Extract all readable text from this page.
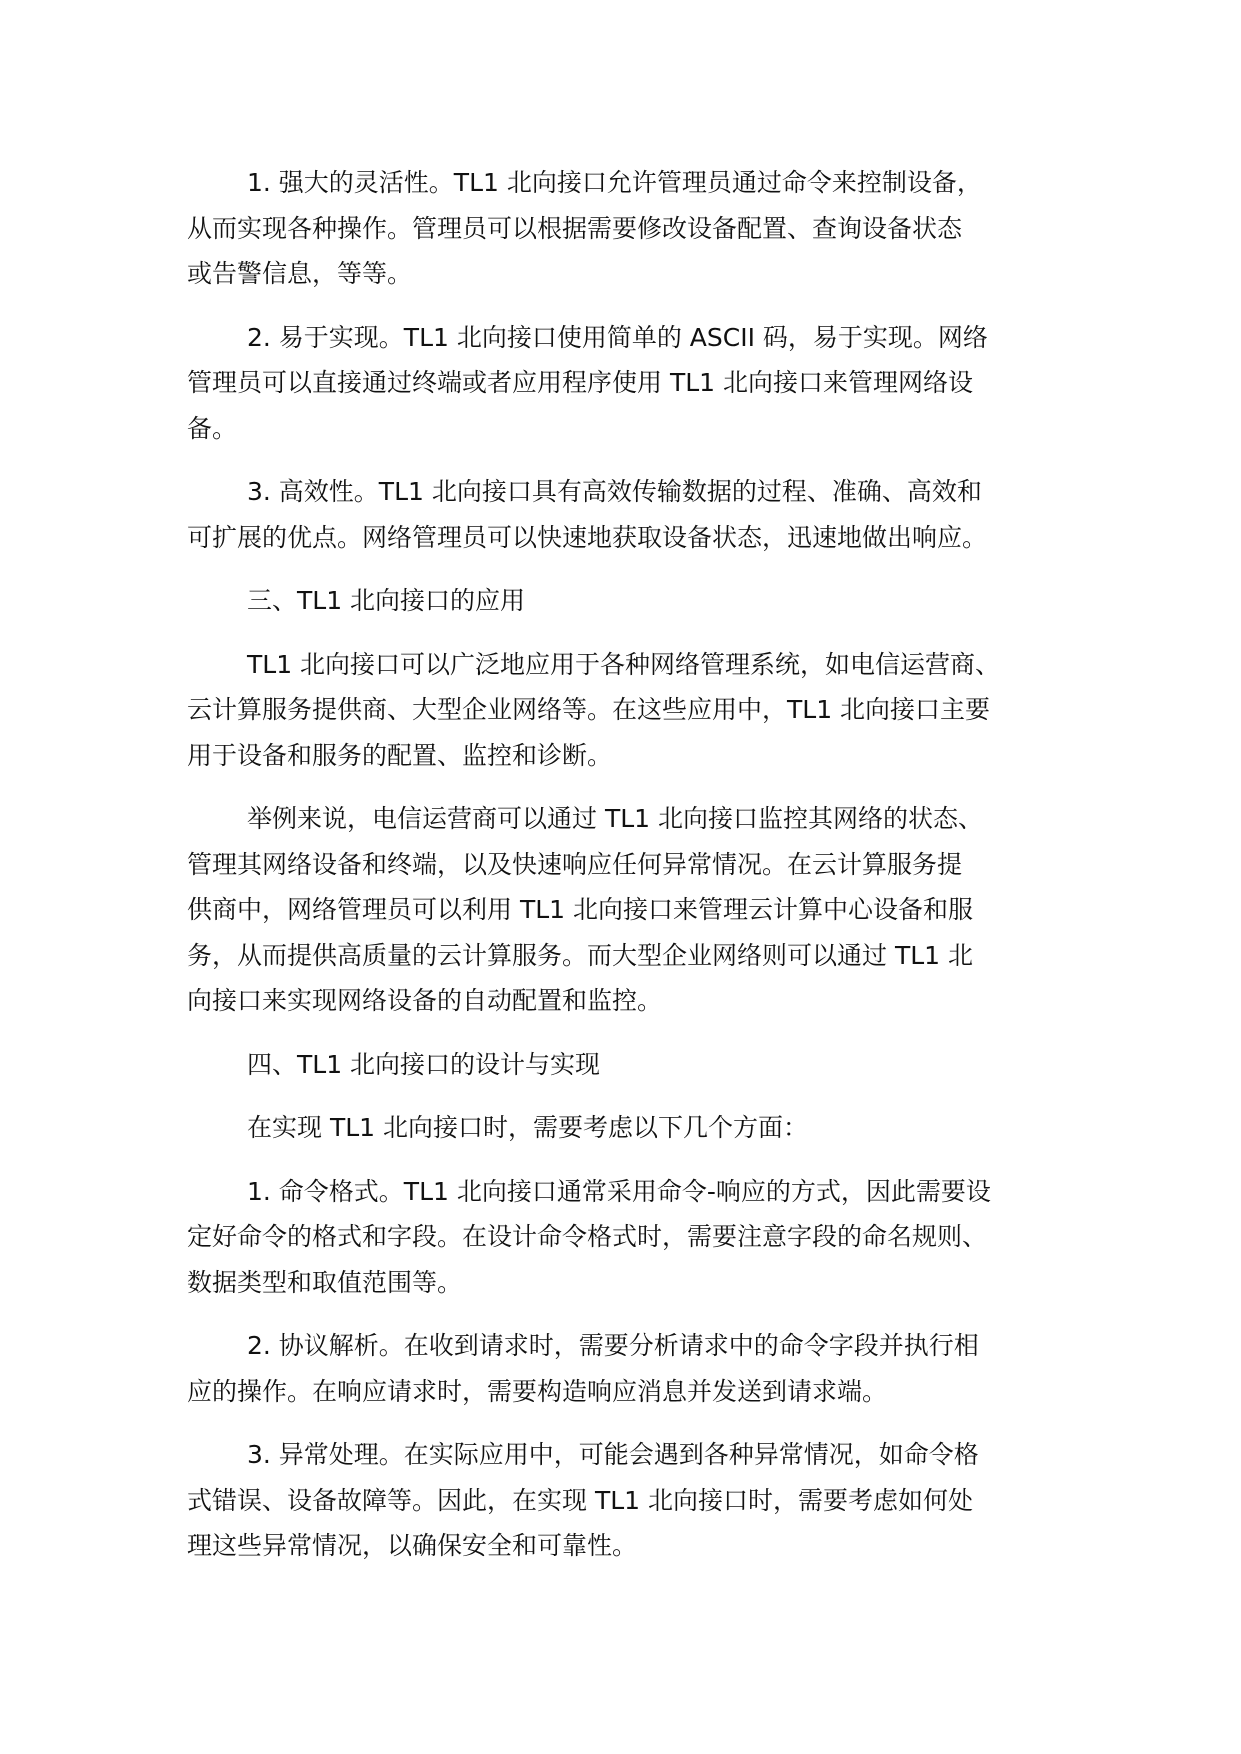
1. 强大的灵活性。TL1 北向接口允许管理员通过命令来控制设备，
从而实现各种操作。管理员可以根据需要修改设备配置、查询设备状态
或告警信息，等等。
2. 易于实现。TL1 北向接口使用简单的 ASCII 码，易于实现。网络
管理员可以直接通过终端或者应用程序使用 TL1 北向接口来管理网络设
备。
3. 高效性。TL1 北向接口具有高效传输数据的过程、准确、高效和
可扩展的优点。网络管理员可以快速地获取设备状态，迅速地做出响应。
三、TL1 北向接口的应用
TL1 北向接口可以广泛地应用于各种网络管理系统，如电信运营商、
云计算服务提供商、大型企业网络等。在这些应用中，TL1 北向接口主要
用于设备和服务的配置、监控和诊断。
举例来说，电信运营商可以通过 TL1 北向接口监控其网络的状态、
管理其网络设备和终端，以及快速响应任何异常情况。在云计算服务提
供商中，网络管理员可以利用 TL1 北向接口来管理云计算中心设备和服
务，从而提供高质量的云计算服务。而大型企业网络则可以通过 TL1 北
向接口来实现网络设备的自动配置和监控。
四、TL1 北向接口的设计与实现
在实现 TL1 北向接口时，需要考虑以下几个方面：
1. 命令格式。TL1 北向接口通常采用命令-响应的方式，因此需要设
定好命令的格式和字段。在设计命令格式时，需要注意字段的命名规则、
数据类型和取值范围等。
2. 协议解析。在收到请求时，需要分析请求中的命令字段并执行相
应的操作。在响应请求时，需要构造响应消息并发送到请求端。
3. 异常处理。在实际应用中，可能会遇到各种异常情况，如命令格
式错误、设备故障等。因此，在实现 TL1 北向接口时，需要考虑如何处
理这些异常情况，以确保安全和可靠性。
